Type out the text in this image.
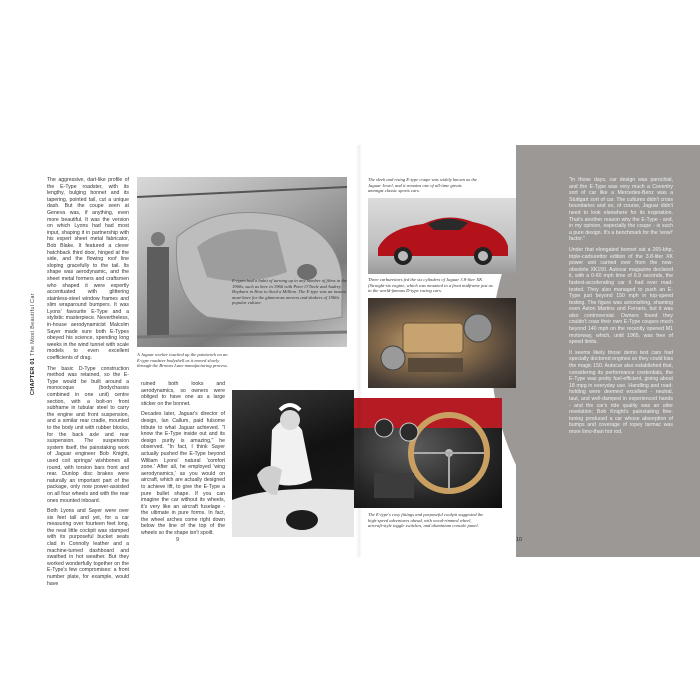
CHAPTER 01 The Most Beautiful Car

The aggressive, dart-like profile of the E-Type roadster, with its lengthy, bulging bonnet and its tapering, pointed tail, cut a unique dash. But the coupe seen at Geneva was, if anything, even more beautiful. It was the version on which Lyons had had most input, shaping it in partnership with his expert sheet metal fabricator, Bob Blake. It featured a clever hatchback third door, hinged at the side, and the flowing roof line sloping gracefully to the tail. Its shape was aerodynamic, and the sheet metal formers and craftsmen who shaped it were expertly accentuated with glittering stainless-steel window frames and slim wraparound bumpers. It was Lyons' favourite E-Type and a stylistic masterpiece. Nevertheless, in-house aerodynamicist Malcolm Sayer made sure both E-Types obeyed his science, spending long weeks in the wind tunnel with scale models to even excellent coefficients of drag.

The basic D-Type construction method was retained, so the E-Type would be built around a monocoque (bodychassis combined in one unit) centre section, with a bolt-on front subframe in tubular steel to carry the engine and front suspension, and a similar rear cradle, mounted to the body unit with rubber blocks, for the back axle and rear suspension. The suspension system itself, the painstaking work of Jaguar engineer Bob Knight, used coil springs/ wishbones all round, with torsion bars front and rear. Dunlop disc brakes were naturally an important part of the package, only now power-assisted on all four wheels and with the rear ones mounted inboard.

Both Lyons and Sayer were over six feet tall and yet, for a car measuring over fourteen feet long, the neat little cockpit was stamped with its purposeful bucket seats clad in Connolly leather and a machine-turned dashboard and swathed in hot weather. But they worked wonderfully together on the E-Type's few compromises: a front number plate, for example, would have

A Jaguar worker touched up the paintwork on an E-type roadster bodyshell as it moved slowly through the Browns Lane manufacturing process.
E-types had a habit of turning up in any number of films in the 1960s, such as here in 1966 with Peter O'Toole and Audrey Hepburn in How to Steal a Million. The E-type was an instant must-have for the glamorous movers and shakers of 1960s popular culture.
The sleek and rising E-type coupe was widely known as the Jaguar Jewel, and it remains one of all-time greats amongst classic sports cars.
Three carburettors fed the six cylinders of Jaguar 3.8-liter XK (Straight-six engine, which was mounted in a front midframe just as in the world-famous D-type racing cars.
The E-type's cosy fittings and purposeful cockpit suggested the high-speed adventures ahead, with wood-rimmed wheel, aircraft-style toggle switches, and aluminium console panel.

ruined both looks and aerodynamics, so owners were obliged to have one as a large sticker on the bonnet.

Decades later, Jaguar's director of design, Ian Callum, paid fulsome tribute to what Jaguar achieved. "I know the E-Type inside out and its design purity is amazing," he observed. "In fact, I think Sayer actually pushed the E-Type beyond William Lyons' natural 'comfort zone.' After all, he employed 'wing aerodynamics,' as you would on aircraft, which are actually designed to achieve lift, to give the E-Type a pure bullet shape. If you can imagine the car without its wheels, it's very like an aircraft fuselage - the ultimate in pure forms. In fact, the wheel arches come right down below the line of the top of the wheels so the shape isn't spoilt.

"In those days, car design was parochial, and the E-Type was very much a Coventry sort of car like a Mercedes-Benz was a Stuttgart sort of car. The cultures didn't cross boundaries and so, of course, Jaguar didn't need to look elsewhere for its inspiration. That's another reason why the E-Type - and, in my opinion, especially the coupe - is such a pure design. It's a benchmark for the 'wow!' factor."

Under that elongated bonnet sat a 265-bhp, triple-carburettor edition of the 3.8-liter XK power unit carried over from the now-obsolete XK150. Autocar magazine declared it, with a 0-60 mph time of 6.9 seconds, the fastest-accelerating car it had ever road-tested. They also managed to push an E-Type just beyond 150 mph in top-speed testing. The figure was astonishing, shaming even Aston Martins and Ferraris, but it was also controversial. Owners found they couldn't coax their own E-Type coupes much beyond 140 mph on the recently opened M1 motorway, which, until 1965, was free of speed limits.

It seems likely those demo test cars had specially doctored engines so they could kiss the magic 150. Autocar also established that, considering its performance credentials, the E-Type was pretty fuel-efficient, giving about 18 mpg in everyday use. Handling and road-holding were deemed excellent - neutral, taut, and well-damped in experienced hands - and the car's ride quality was an utter revelation; Bob Knight's painstaking fine-tuning produced a car whose absorption of bumps and coverage of ropey tarmac was more limo-than hot rod.

9	10
